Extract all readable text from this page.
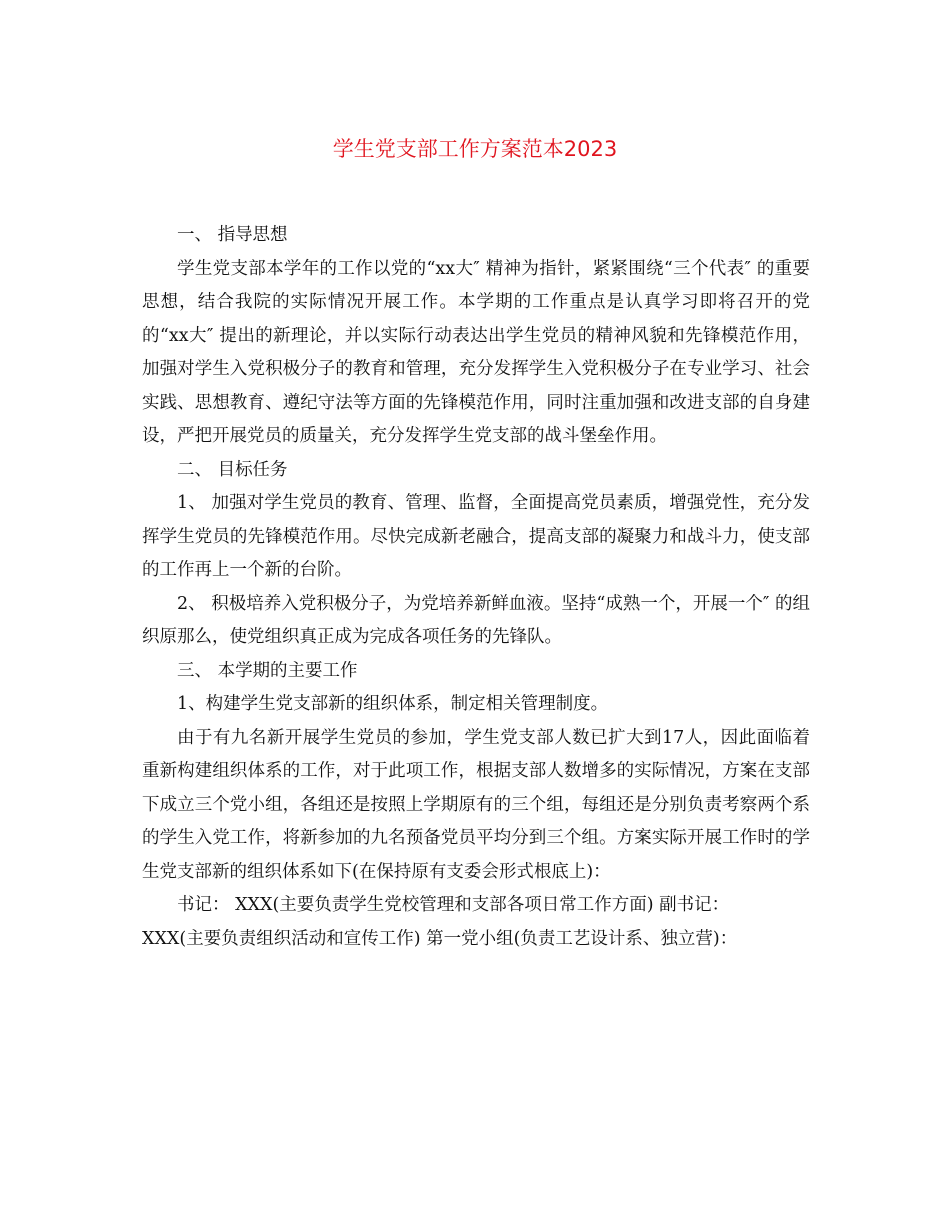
学生党支部工作方案范本2023

一、 指导思想

学生党支部本学年的工作以党的“xx大″ 精神为指针，紧紧围绕“三个代表″ 的重要思想，结合我院的实际情况开展工作。本学期的工作重点是认真学习即将召开的党的“xx大″ 提出的新理论，并以实际行动表达出学生党员的精神风貌和先锋模范作用，加强对学生入党积极分子的教育和管理，充分发挥学生入党积极分子在专业学习、社会实践、思想教育、遵纪守法等方面的先锋模范作用，同时注重加强和改进支部的自身建设，严把开展党员的质量关，充分发挥学生党支部的战斗堡垒作用。

二、 目标任务

1、 加强对学生党员的教育、管理、监督，全面提高党员素质，增强党性，充分发挥学生党员的先锋模范作用。尽快完成新老融合，提高支部的凝聚力和战斗力，使支部的工作再上一个新的台阶。

2、 积极培养入党积极分子，为党培养新鲜血液。坚持“成熟一个，开展一个″ 的组织原那么，使党组织真正成为完成各项任务的先锋队。

三、 本学期的主要工作

1、构建学生党支部新的组织体系，制定相关管理制度。

由于有九名新开展学生党员的参加，学生党支部人数已扩大到17人，因此面临着重新构建组织体系的工作，对于此项工作，根据支部人数增多的实际情况，方案在支部下成立三个党小组，各组还是按照上学期原有的三个组，每组还是分别负责考察两个系的学生入党工作，将新参加的九名预备党员平均分到三个组。方案实际开展工作时的学生党支部新的组织体系如下(在保持原有支委会形式根底上)：

书记： XXX(主要负责学生党校管理和支部各项日常工作方面) 副书记：

XXX(主要负责组织活动和宣传工作) 第一党小组(负责工艺设计系、独立营)：
